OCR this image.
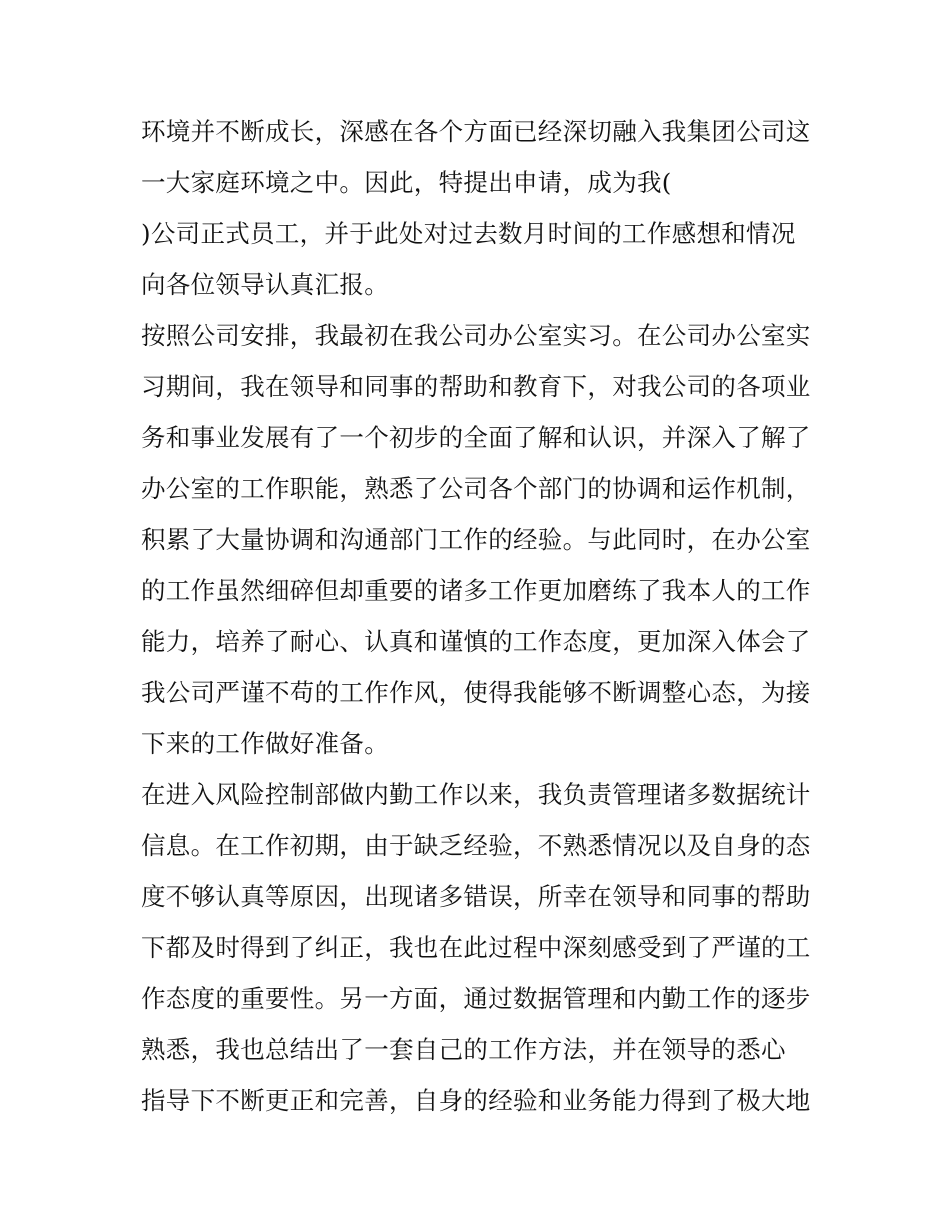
环境并不断成长，深感在各个方面已经深切融入我集团公司这
一大家庭环境之中。因此，特提出申请，成为我(
)公司正式员工，并于此处对过去数月时间的工作感想和情况
向各位领导认真汇报。
按照公司安排，我最初在我公司办公室实习。在公司办公室实
习期间，我在领导和同事的帮助和教育下，对我公司的各项业
务和事业发展有了一个初步的全面了解和认识，并深入了解了
办公室的工作职能，熟悉了公司各个部门的协调和运作机制，
积累了大量协调和沟通部门工作的经验。与此同时，在办公室
的工作虽然细碎但却重要的诸多工作更加磨练了我本人的工作
能力，培养了耐心、认真和谨慎的工作态度，更加深入体会了
我公司严谨不苟的工作作风，使得我能够不断调整心态，为接
下来的工作做好准备。
在进入风险控制部做内勤工作以来，我负责管理诸多数据统计
信息。在工作初期，由于缺乏经验，不熟悉情况以及自身的态
度不够认真等原因，出现诸多错误，所幸在领导和同事的帮助
下都及时得到了纠正，我也在此过程中深刻感受到了严谨的工
作态度的重要性。另一方面，通过数据管理和内勤工作的逐步
熟悉，我也总结出了一套自己的工作方法，并在领导的悉心
指导下不断更正和完善，自身的经验和业务能力得到了极大地
